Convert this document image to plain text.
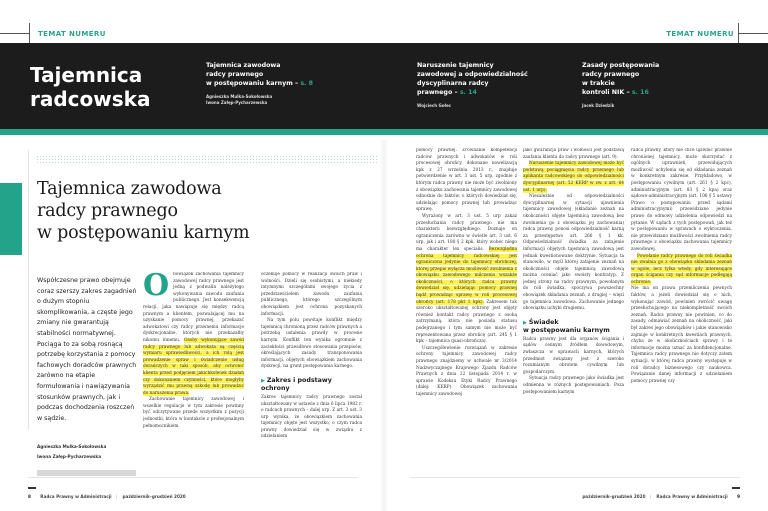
TEMAT NUMERU	TEMAT NUMERU
Tajemnica
radcowska
Tajemnica zawodowa
radcy prawnego
w postępowaniu karnym – s. 8
Agnieszka Mulka-Sokołowska
Iwona Załęp-Pycharzewska
Naruszenie tajemnicy
zawodowej a odpowiedzialność
dyscyplinarna radcy
prawnego – s. 14
Wojciech Gołec
Zasady postępowania
radcy prawnego
w trakcie
kontroli NIK – s. 16
Jacek Dziedzik
Tajemnica zawodowa
radcy prawnego
w postępowaniu karnym
Współczesne prawo obejmuje coraz szerszy zakres zagadnień o dużym stopniu skomplikowania, a częste jego zmiany nie gwarantują stabilności normatywnej. Pociąga to za sobą rosnącą potrzebę korzystania z pomocy fachowych doradców prawnych zarówno na etapie formułowania i nawiązywania stosunków prawnych, jak i podczas dochodzenia roszczeń w sądzie.
Agnieszka Mulka-Sokołowska
Iwona Załęp-Pycharzewska
O bowiązek zachowania tajemnicy zawodowej radcy prawnego jest jedną z podwalin należytego wykonywania zawodu zaufania publicznego. Jest konsekwencją relacji, jaka nawiązuje się między radcą prawnym a klientem, pozwalającej mu na uzyskanie pomocy prawnej, przekazać adwokatowi czy radcy prawnemu informacje dyskrecjonalne, których nie przekazałby nikomu innemu. Osoby wykonujące zawód radcy prawnego lub adwokata są częścią wymiaru sprawiedliwości, a ich rolą jest prowadzenie spraw i świadczenie usług doradczych w taki sposób, aby ochronić klienta przed podjęciem jakichkolwiek działań czy dokonaniem czynności, które mogłyby wyrządzić mu prawną szkodę lub prowadzić do naruszenia prawa.

Zachowanie tajemnicy zawodowej i wszelkie regulacje w tym zakresie powinny być odczytywane przede wszystkim z pozycji jednostki, która w kontakcie z profesjonalnym pełnomocnikiem

oczekuje pomocy w realizacji swoich praw i wolności. Dzieli się osobistymi, a niekiedy intymnymi szczegółami swojego życia z przedstawicielem zawodu zaufania publicznego, którego szczególnym obowiązkiem jest ochrona pozyskanych informacji.

Na tym polu powstaje konflikt między tajemnicą chronioną przez radców prawnych a potrzebą ustalenia prawdy w procesie karnym. Konflikt ten wynika ogromnie z zaciekłości prawidłowo stosowania przepisów, określających zasady transponowania informacji, objętych obowiązkiem zachowania dyskrecji, na grunt postępowania karnego.

▶ Zakres i podstawy ochrony

Zakres tajemnicy radcy prawnego został ukształtowany w ustawie z dnia 6 lipca 1982 r. o radcach prawnych – dalej urp. Z art. 3 ust. 3 urp wynika, że obowiązkiem zachowania tajemnicy objęte jest wszystko, o czym radca prawny dowiedział się w związku z udzielaniem

pomocy prawnej. Zrównanie kompetencji radców prawnych i adwokatów w roli procesowej obrońcy, dokonane nowelizacją kpk z 27 września 2013 r., znajduje potwierdzenie w art. 3 ust. 5 urp, zgodnie z którym radca prawny nie może być zwolniony z obowiązku zachowania tajemnicy zawodowej odnośnie do faktów, o których dowiedział się, udzielając pomocy prawnej lub prowadząc sprawę.

Wyrażony w art. 3 ust. 5 urp zakaz przesłuchania radcy prawnego nie ma charakteru bezwzględnego. Doznaje on ograniczenia zarówno w świetle art. 3 ust. 6 urp, jak i art. 180 § 2 kpk, który wobec niego ma charakter lex specialis. Bezwzględna ochrona tajemnicy radcowskiej jest ograniczona jedynie do tajemnicy obrończej, której przepis wyłącza możliwość zwolnienia z obowiązku zawodowego milczenia wszakże okoliczności, o których radca prawny dowiedział się, udzielając pomocy prawnej bądź prowadząc sprawę w roli procesowej obrońcy (art. 178 pkt 1 kpk). Zakresem tak szeroko ukształtowanej ochrony jest objęty również kontakt radcy prawnego z osobą zatrzymaną, która nie posiada statusu podejrzanego i tym samym nie może być reprezentowana przez obrońcę (art. 245 § 1 kpk – tajemnica quasi-obrończa).

Uszczegółowienie rozwiązań w zakresie ochrony tajemnicy zawodowej radcy prawnego znajdziemy w uchwale nr 3/2014 Nadzwyczajnego Krajowego Zjazdu Radców Prawnych z dnia 22 listopada 2014 r. w sprawie Kodeksu Etyki Radcy Prawnego (dalej: KERP). Obowiązek zachowania tajemnicy zawodowej

jako gwarancja praw i wolności jest podstawą zaufania klienta do radcy prawnego (art. 9).

Naruszenie tajemnicy zawodowej może być podstawą pociągnięcia radcy prawnego lub aplikanta radcowskiego do odpowiedzialności dyscyplinarnej (art. 52 KERP w zw. z art. 64 ust. 1 urp).

Niezależnie od odpowiedzialności dyscyplinarnej w sytuacji ujawnienia tajemnicy zawodowej (składanie zeznań na okoliczności objęte tajemnicą zawodową bez zwolnienia go z obowiązku jej zachowania) radca prawny ponosi odpowiedzialność karną za przestępstwo art. 266 § 1 kk. Odpowiedzialność świadka za zatajenie informacji objętych tajemnicą zawodową jest jednak kwestionowane doktrynie. Sytuacja ta stanowiło, w myśl której zatajenie zeznań na okoliczności objęte tajemnicą zawodową można oceniać jako swoisty kontratyp. Z jednej strony na radcy prawnym, powołanym do roli świadka, spoczywa powszechny obowiązek składania zeznań, z drugiej – więzi go tajemnica zawodowa. Zachowanie jednego obowiązku uchybi drugiemu.

▶ Świadek
w postępowaniu karnym

Radca prawny jest dla organów ścigania i sądów cennym źródłem dowodowym, zwłaszcza w sprawach karnych, których przedmiot związany jest z szeroko rozumianym obrotem cywilnym lub gospodarczym.

Sytuacja radcy prawnego jako świadka jest odmienna w różnych postępowaniach. Poza postępowaniem karnym

radca prawny, który nie chce ujawnić prawnie chronionej tajemnicy, może skorzystać z ogólnych uprawnień, przewidujących możliwość uchylenia się od składania zeznań w konkretnym zakresie. Przykładowo, w postępowaniu cywilnym (art. 261 § 2 kpc), administracyjnym (art. 83 § 2 kpa) oraz sądowo-administracyjnym (art. 106 § 5 ustawy Prawo o postępowaniu przed sądami administracyjnymi) przewidziane jedynie prawo do odmowy udzielenia odpowiedzi na pytanie. W sądach z tych postępowań, jak też w postępowaniu w sprawach o wykroczenia, nie przewidziano możliwości zwolnienia radcy prawnego z obowiązku zachowania tajemnicy zawodowej.

Powołanie radcy prawnego do roli świadka nie zwalnia go z obowiązku składania zeznań w ogóle, lecz tylko wtedy, gdy interesujące organ ścigania czy sąd informacje podlegają ochronie.

Nie ma on prawa przemilczenia pewnych faktów, a jeżeli dowiedział się o nich, wykonując zawód, powinien zwrócić uwagę przesłuchującego na niekompletność swoich zeznań. Radca prawny nie powinien, co do zasady, odmawiać zeznań na okoliczność, jaki był zakres jego obowiązków i jakie stanowisko zajmuje w konkretnych kwestiach prawnych, chyba że w okolicznościach sprawy i te informacje można uznać za konfidencjonalne. Tajemnica radcy prawnego nie dotyczy zatem sytuacji, w której radca prawny występuje w roli doradcy biznesowego czy naukowca. Powiązanie danej informacji z udzielaniem pomocy prawnej czy

8 Radca Prawny w Administracji | październik–grudzień 2020	październik–grudzień 2020 | Radca Prawny w Administracji 9
